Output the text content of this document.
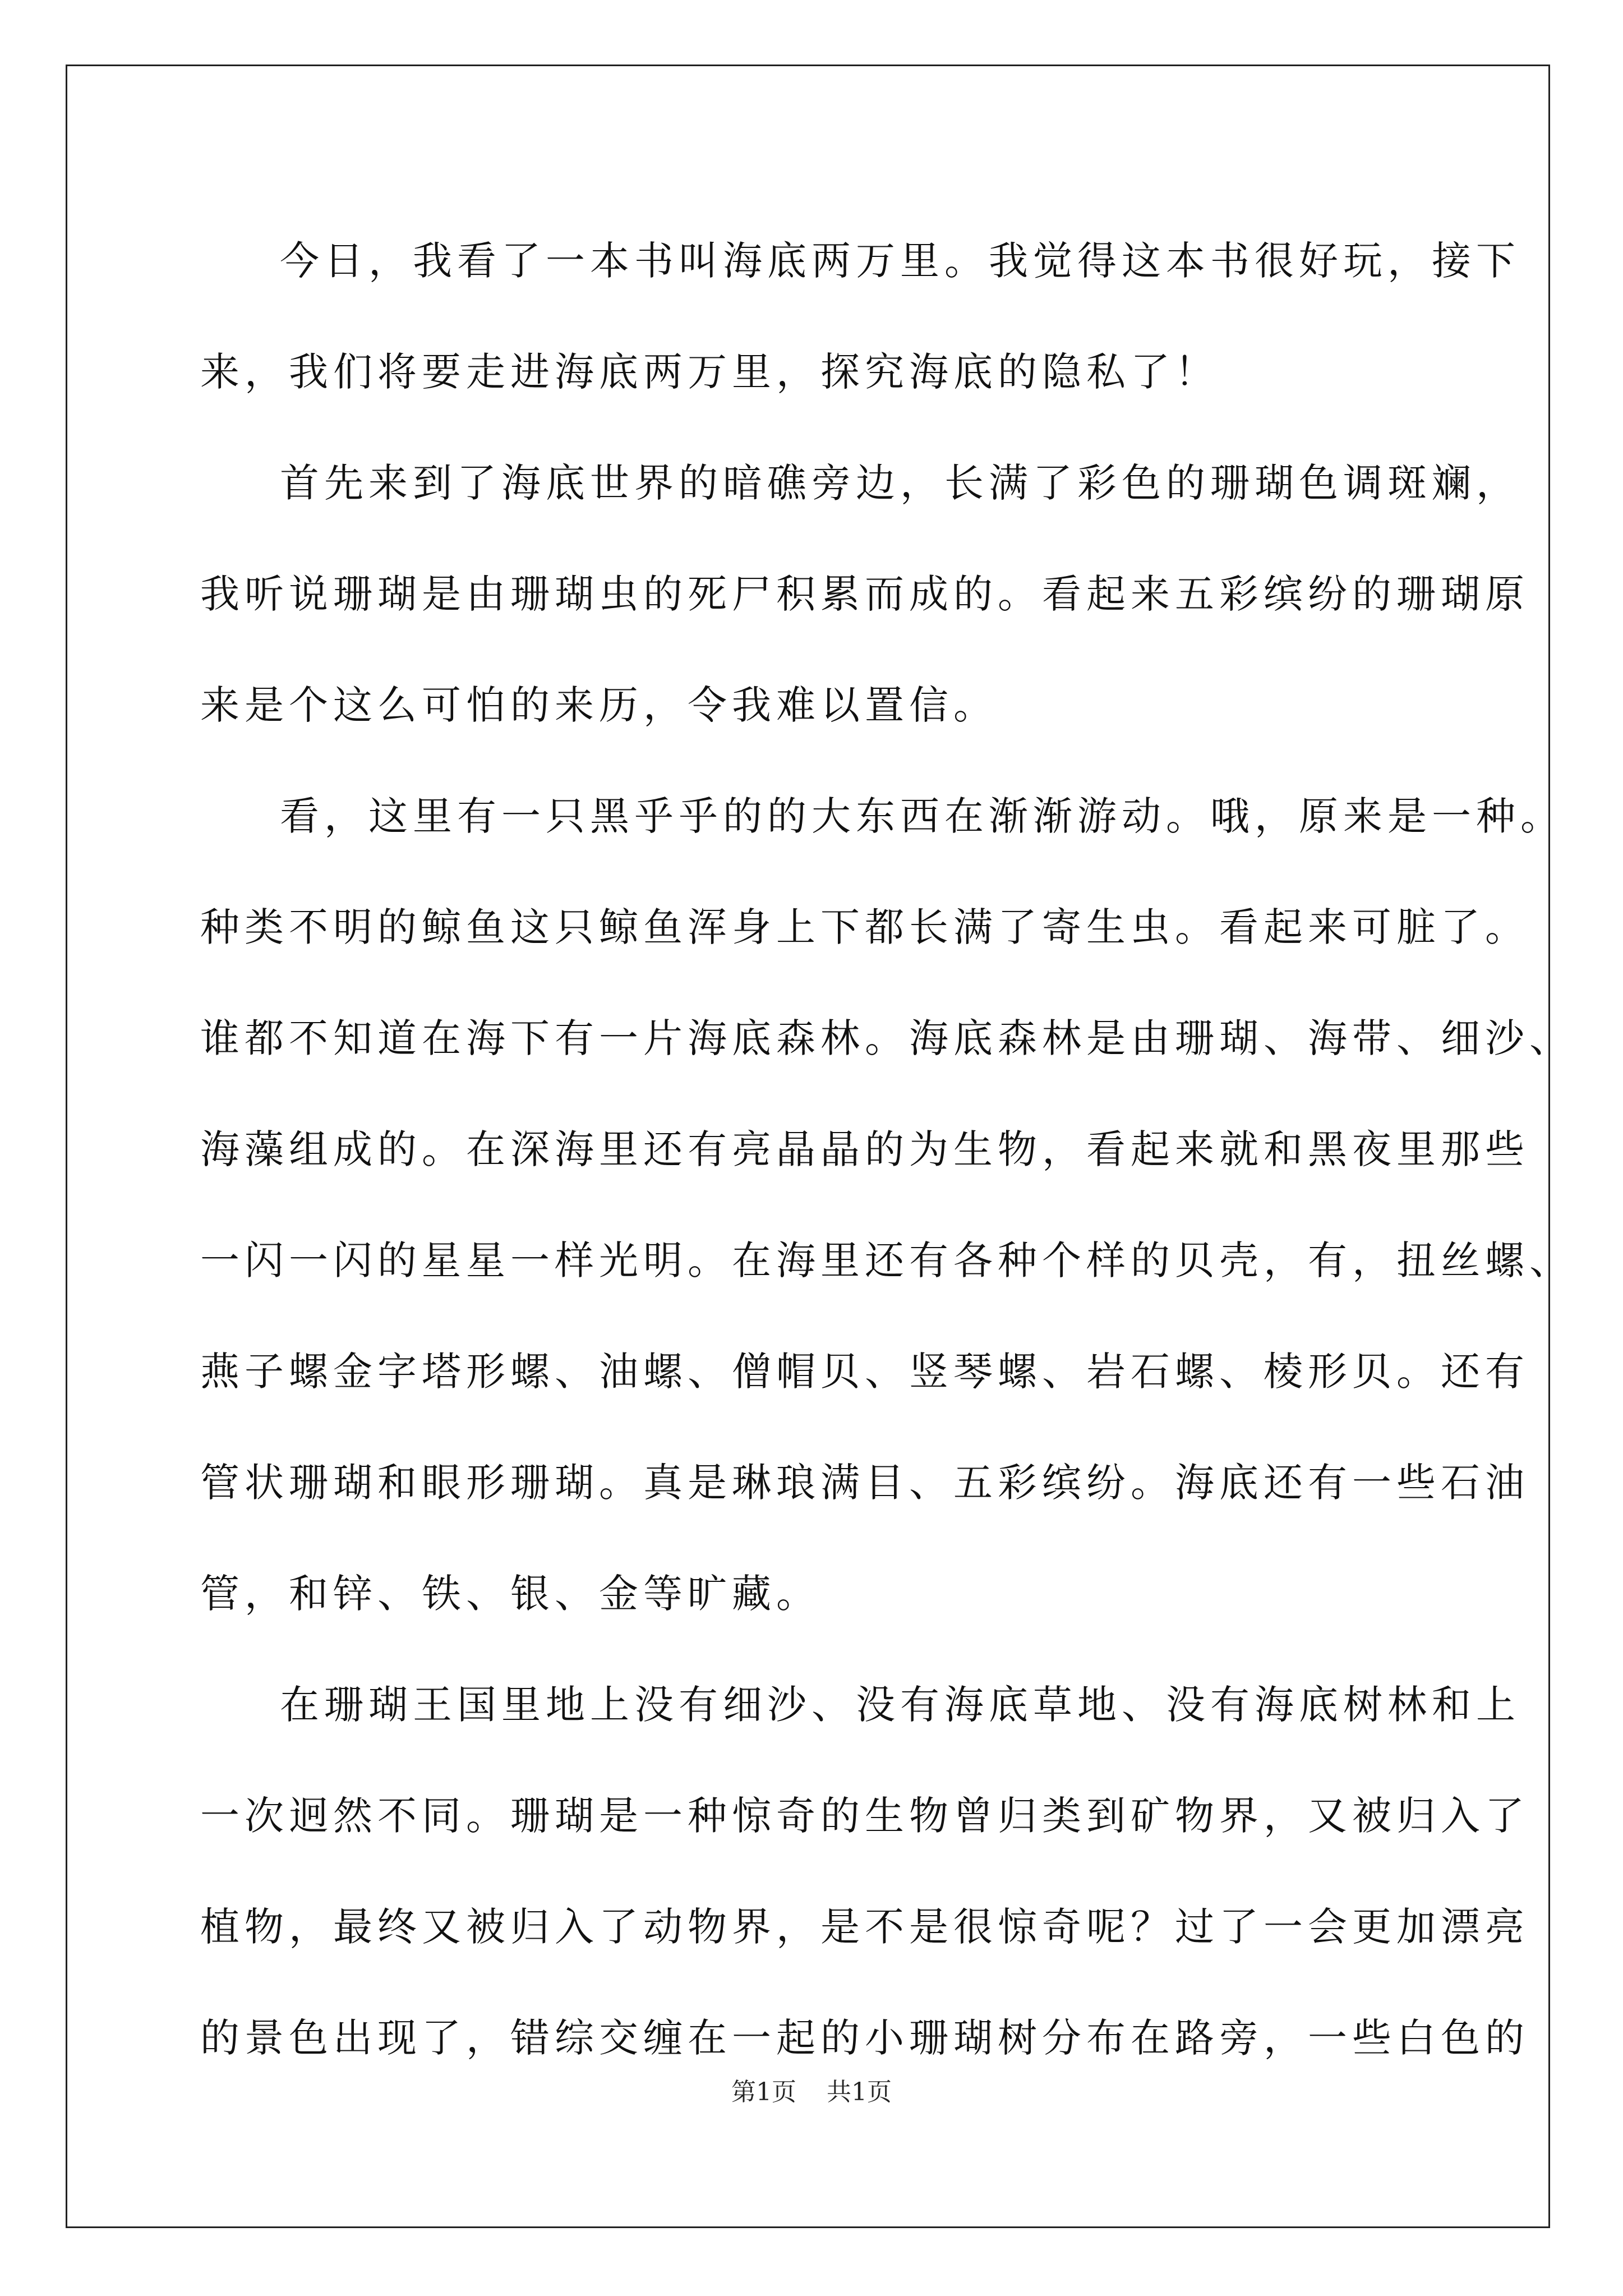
今日，我看了一本书叫海底两万里。我觉得这本书很好玩，接下
来，我们将要走进海底两万里，探究海底的隐私了！
首先来到了海底世界的暗礁旁边，长满了彩色的珊瑚色调斑斓，
我听说珊瑚是由珊瑚虫的死尸积累而成的。看起来五彩缤纷的珊瑚原
来是个这么可怕的来历，令我难以置信。
看，这里有一只黑乎乎的的大东西在渐渐游动。哦，原来是一种。
种类不明的鲸鱼这只鲸鱼浑身上下都长满了寄生虫。看起来可脏了。
谁都不知道在海下有一片海底森林。海底森林是由珊瑚、海带、细沙、
海藻组成的。在深海里还有亮晶晶的为生物，看起来就和黑夜里那些
一闪一闪的星星一样光明。在海里还有各种个样的贝壳，有，扭丝螺、
燕子螺金字塔形螺、油螺、僧帽贝、竖琴螺、岩石螺、棱形贝。还有
管状珊瑚和眼形珊瑚。真是琳琅满目、五彩缤纷。海底还有一些石油
管，和锌、铁、银、金等旷藏。
在珊瑚王国里地上没有细沙、没有海底草地、没有海底树林和上
一次迥然不同。珊瑚是一种惊奇的生物曾归类到矿物界，又被归入了
植物，最终又被归入了动物界，是不是很惊奇呢？过了一会更加漂亮
的景色出现了，错综交缠在一起的小珊瑚树分布在路旁，一些白色的
第1页 共1页
